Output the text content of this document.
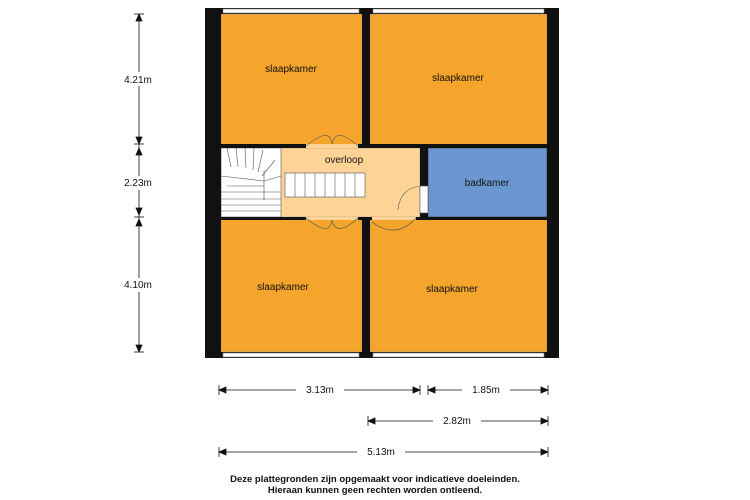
slaapkamer
slaapkamer
overloop
badkamer
slaapkamer	slaapkamer
4.21m
2.23m
4.10m
3.13m	1.85m
2.82m
5.13m
Deze plattegronden zijn opgemaakt voor indicatieve doeleinden.
Hieraan kunnen geen rechten worden ontleend.
